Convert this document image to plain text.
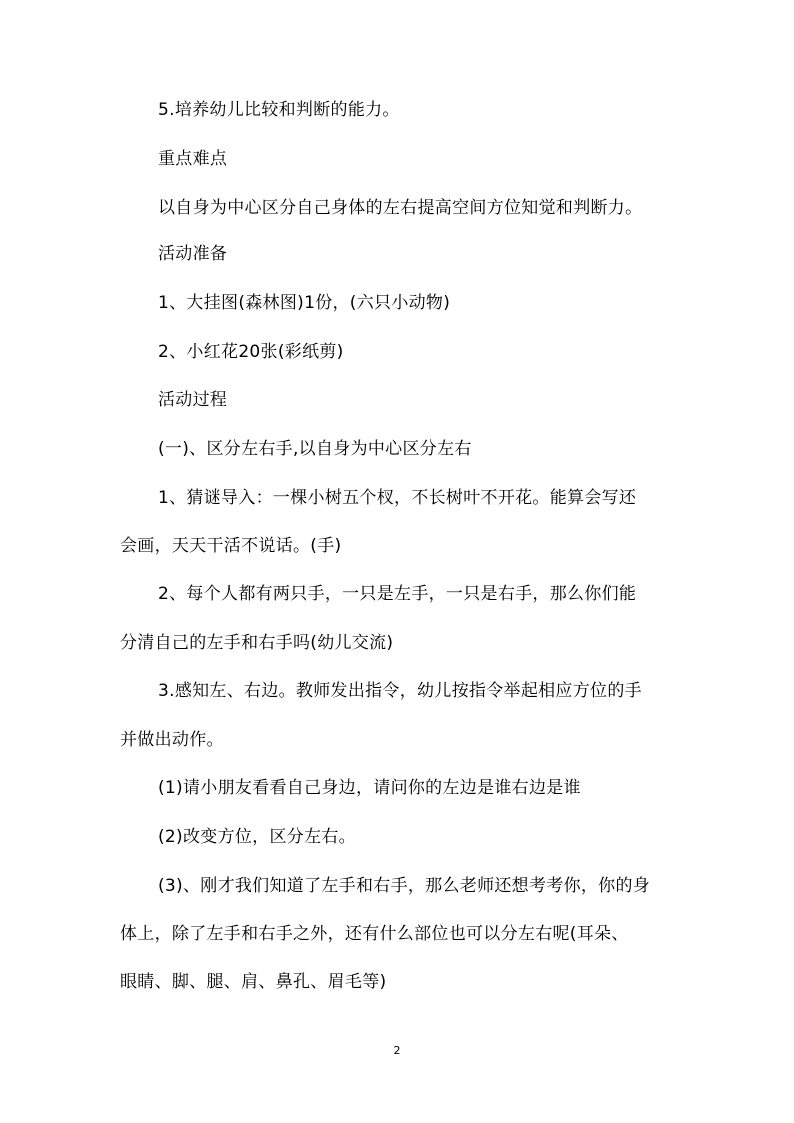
5.培养幼儿比较和判断的能力。
重点难点
以自身为中心区分自己身体的左右提高空间方位知觉和判断力。
活动准备
1、大挂图(森林图)1份，(六只小动物)
2、小红花20张(彩纸剪)
活动过程
(一)、区分左右手,以自身为中心区分左右
1、猜谜导入：一棵小树五个杈，不长树叶不开花。能算会写还
会画，天天干活不说话。(手)
2、每个人都有两只手，一只是左手，一只是右手，那么你们能
分清自己的左手和右手吗(幼儿交流)
3.感知左、右边。教师发出指令，幼儿按指令举起相应方位的手
并做出动作。
(1)请小朋友看看自己身边，请问你的左边是谁右边是谁
(2)改变方位，区分左右。
(3)、刚才我们知道了左手和右手，那么老师还想考考你，你的身
体上，除了左手和右手之外，还有什么部位也可以分左右呢(耳朵、
眼睛、脚、腿、肩、鼻孔、眉毛等)
2
